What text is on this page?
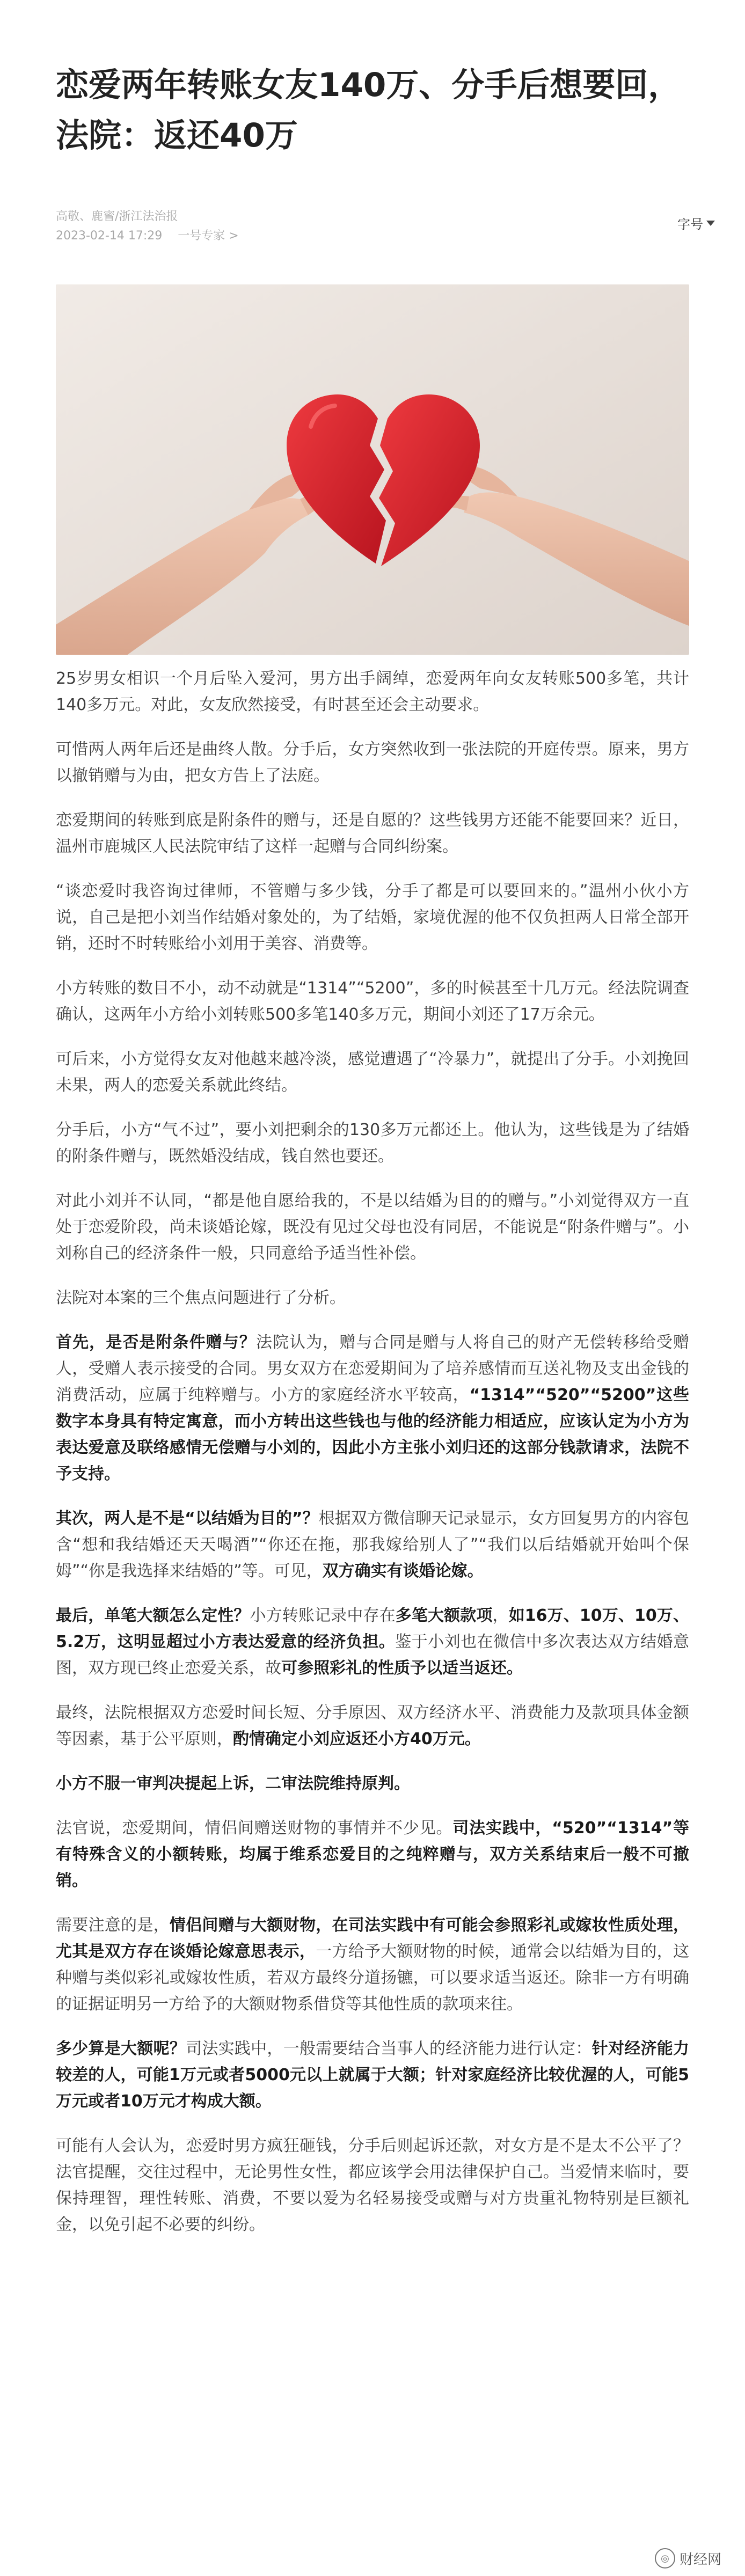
恋爱两年转账女友140万、分手后想要回，法院：返还40万
高敬、鹿䁇/浙江法治报
2023-02-14 17:29 一号专家 >
字号

25岁男女相识一个月后坠入爱河，男方出手阔绰，恋爱两年向女友转账500多笔，共计140多万元。对此，女友欣然接受，有时甚至还会主动要求。

可惜两人两年后还是曲终人散。分手后，女方突然收到一张法院的开庭传票。原来，男方以撤销赠与为由，把女方告上了法庭。

恋爱期间的转账到底是附条件的赠与，还是自愿的？这些钱男方还能不能要回来？近日，温州市鹿城区人民法院审结了这样一起赠与合同纠纷案。

“谈恋爱时我咨询过律师，不管赠与多少钱，分手了都是可以要回来的。”温州小伙小方说，自己是把小刘当作结婚对象处的，为了结婚，家境优渥的他不仅负担两人日常全部开销，还时不时转账给小刘用于美容、消费等。

小方转账的数目不小，动不动就是“1314”“5200”，多的时候甚至十几万元。经法院调查确认，这两年小方给小刘转账500多笔140多万元，期间小刘还了17万余元。

可后来，小方觉得女友对他越来越冷淡，感觉遭遇了“冷暴力”，就提出了分手。小刘挽回未果，两人的恋爱关系就此终结。

分手后，小方“气不过”，要小刘把剩余的130多万元都还上。他认为，这些钱是为了结婚的附条件赠与，既然婚没结成，钱自然也要还。

对此小刘并不认同，“都是他自愿给我的，不是以结婚为目的的赠与。”小刘觉得双方一直处于恋爱阶段，尚未谈婚论嫁，既没有见过父母也没有同居，不能说是“附条件赠与”。小刘称自己的经济条件一般，只同意给予适当性补偿。

法院对本案的三个焦点问题进行了分析。

首先，是否是附条件赠与？法院认为，赠与合同是赠与人将自己的财产无偿转移给受赠人，受赠人表示接受的合同。男女双方在恋爱期间为了培养感情而互送礼物及支出金钱的消费活动，应属于纯粹赠与。小方的家庭经济水平较高，“1314”“520”“5200”这些数字本身具有特定寓意，而小方转出这些钱也与他的经济能力相适应，应该认定为小方为表达爱意及联络感情无偿赠与小刘的，因此小方主张小刘归还的这部分钱款请求，法院不予支持。

其次，两人是不是“以结婚为目的”？根据双方微信聊天记录显示，女方回复男方的内容包含“想和我结婚还天天喝酒”“你还在拖，那我嫁给别人了”“我们以后结婚就开始叫个保姆”“你是我选择来结婚的”等。可见，双方确实有谈婚论嫁。

最后，单笔大额怎么定性？小方转账记录中存在多笔大额款项，如16万、10万、10万、5.2万，这明显超过小方表达爱意的经济负担。鉴于小刘也在微信中多次表达双方结婚意图，双方现已终止恋爱关系，故可参照彩礼的性质予以适当返还。

最终，法院根据双方恋爱时间长短、分手原因、双方经济水平、消费能力及款项具体金额等因素，基于公平原则，酌情确定小刘应返还小方40万元。

小方不服一审判决提起上诉，二审法院维持原判。

法官说，恋爱期间，情侣间赠送财物的事情并不少见。司法实践中，“520”“1314”等有特殊含义的小额转账，均属于维系恋爱目的之纯粹赠与，双方关系结束后一般不可撤销。

需要注意的是，情侣间赠与大额财物，在司法实践中有可能会参照彩礼或嫁妆性质处理，尤其是双方存在谈婚论嫁意思表示，一方给予大额财物的时候，通常会以结婚为目的，这种赠与类似彩礼或嫁妆性质，若双方最终分道扬镳，可以要求适当返还。除非一方有明确的证据证明另一方给予的大额财物系借贷等其他性质的款项来往。

多少算是大额呢？司法实践中，一般需要结合当事人的经济能力进行认定：针对经济能力较差的人，可能1万元或者5000元以上就属于大额；针对家庭经济比较优渥的人，可能5万元或者10万元才构成大额。

可能有人会认为，恋爱时男方疯狂砸钱，分手后则起诉还款，对女方是不是太不公平了？法官提醒，交往过程中，无论男性女性，都应该学会用法律保护自己。当爱情来临时，要保持理智，理性转账、消费，不要以爱为名轻易接受或赠与对方贵重礼物特别是巨额礼金，以免引起不必要的纠纷。

◎ 财经网
